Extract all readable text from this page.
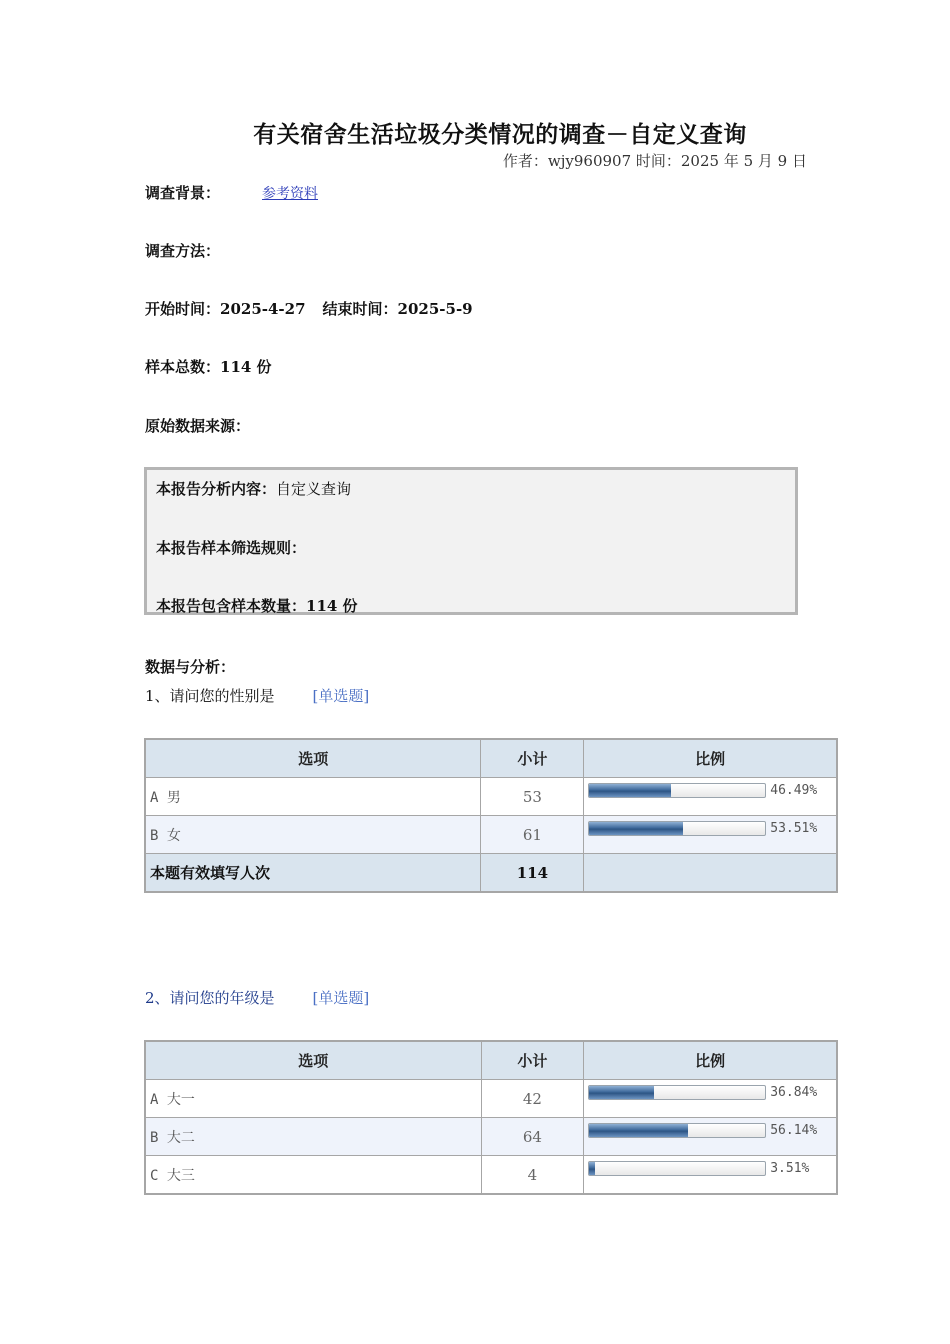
有关宿舍生活垃圾分类情况的调查－自定义查询
作者：wjy960907 时间：2025 年 5 月 9 日
调查背景：	参考资料
调查方法：
开始时间：2025-4-27 结束时间：2025-5-9
样本总数：114 份
原始数据来源：
本报告分析内容：自定义查询
本报告样本筛选规则：
本报告包含样本数量：114 份
数据与分析：
1、请问您的性别是	[单选题]
选项	小计	比例
A 男	53	46.49%

B 女	61	53.51%

本题有效填写人次	114	
2、请问您的年级是	[单选题]
选项	小计	比例
A 大一	42	36.84%

B 大二	64	56.14%

C 大三	4	3.51%
